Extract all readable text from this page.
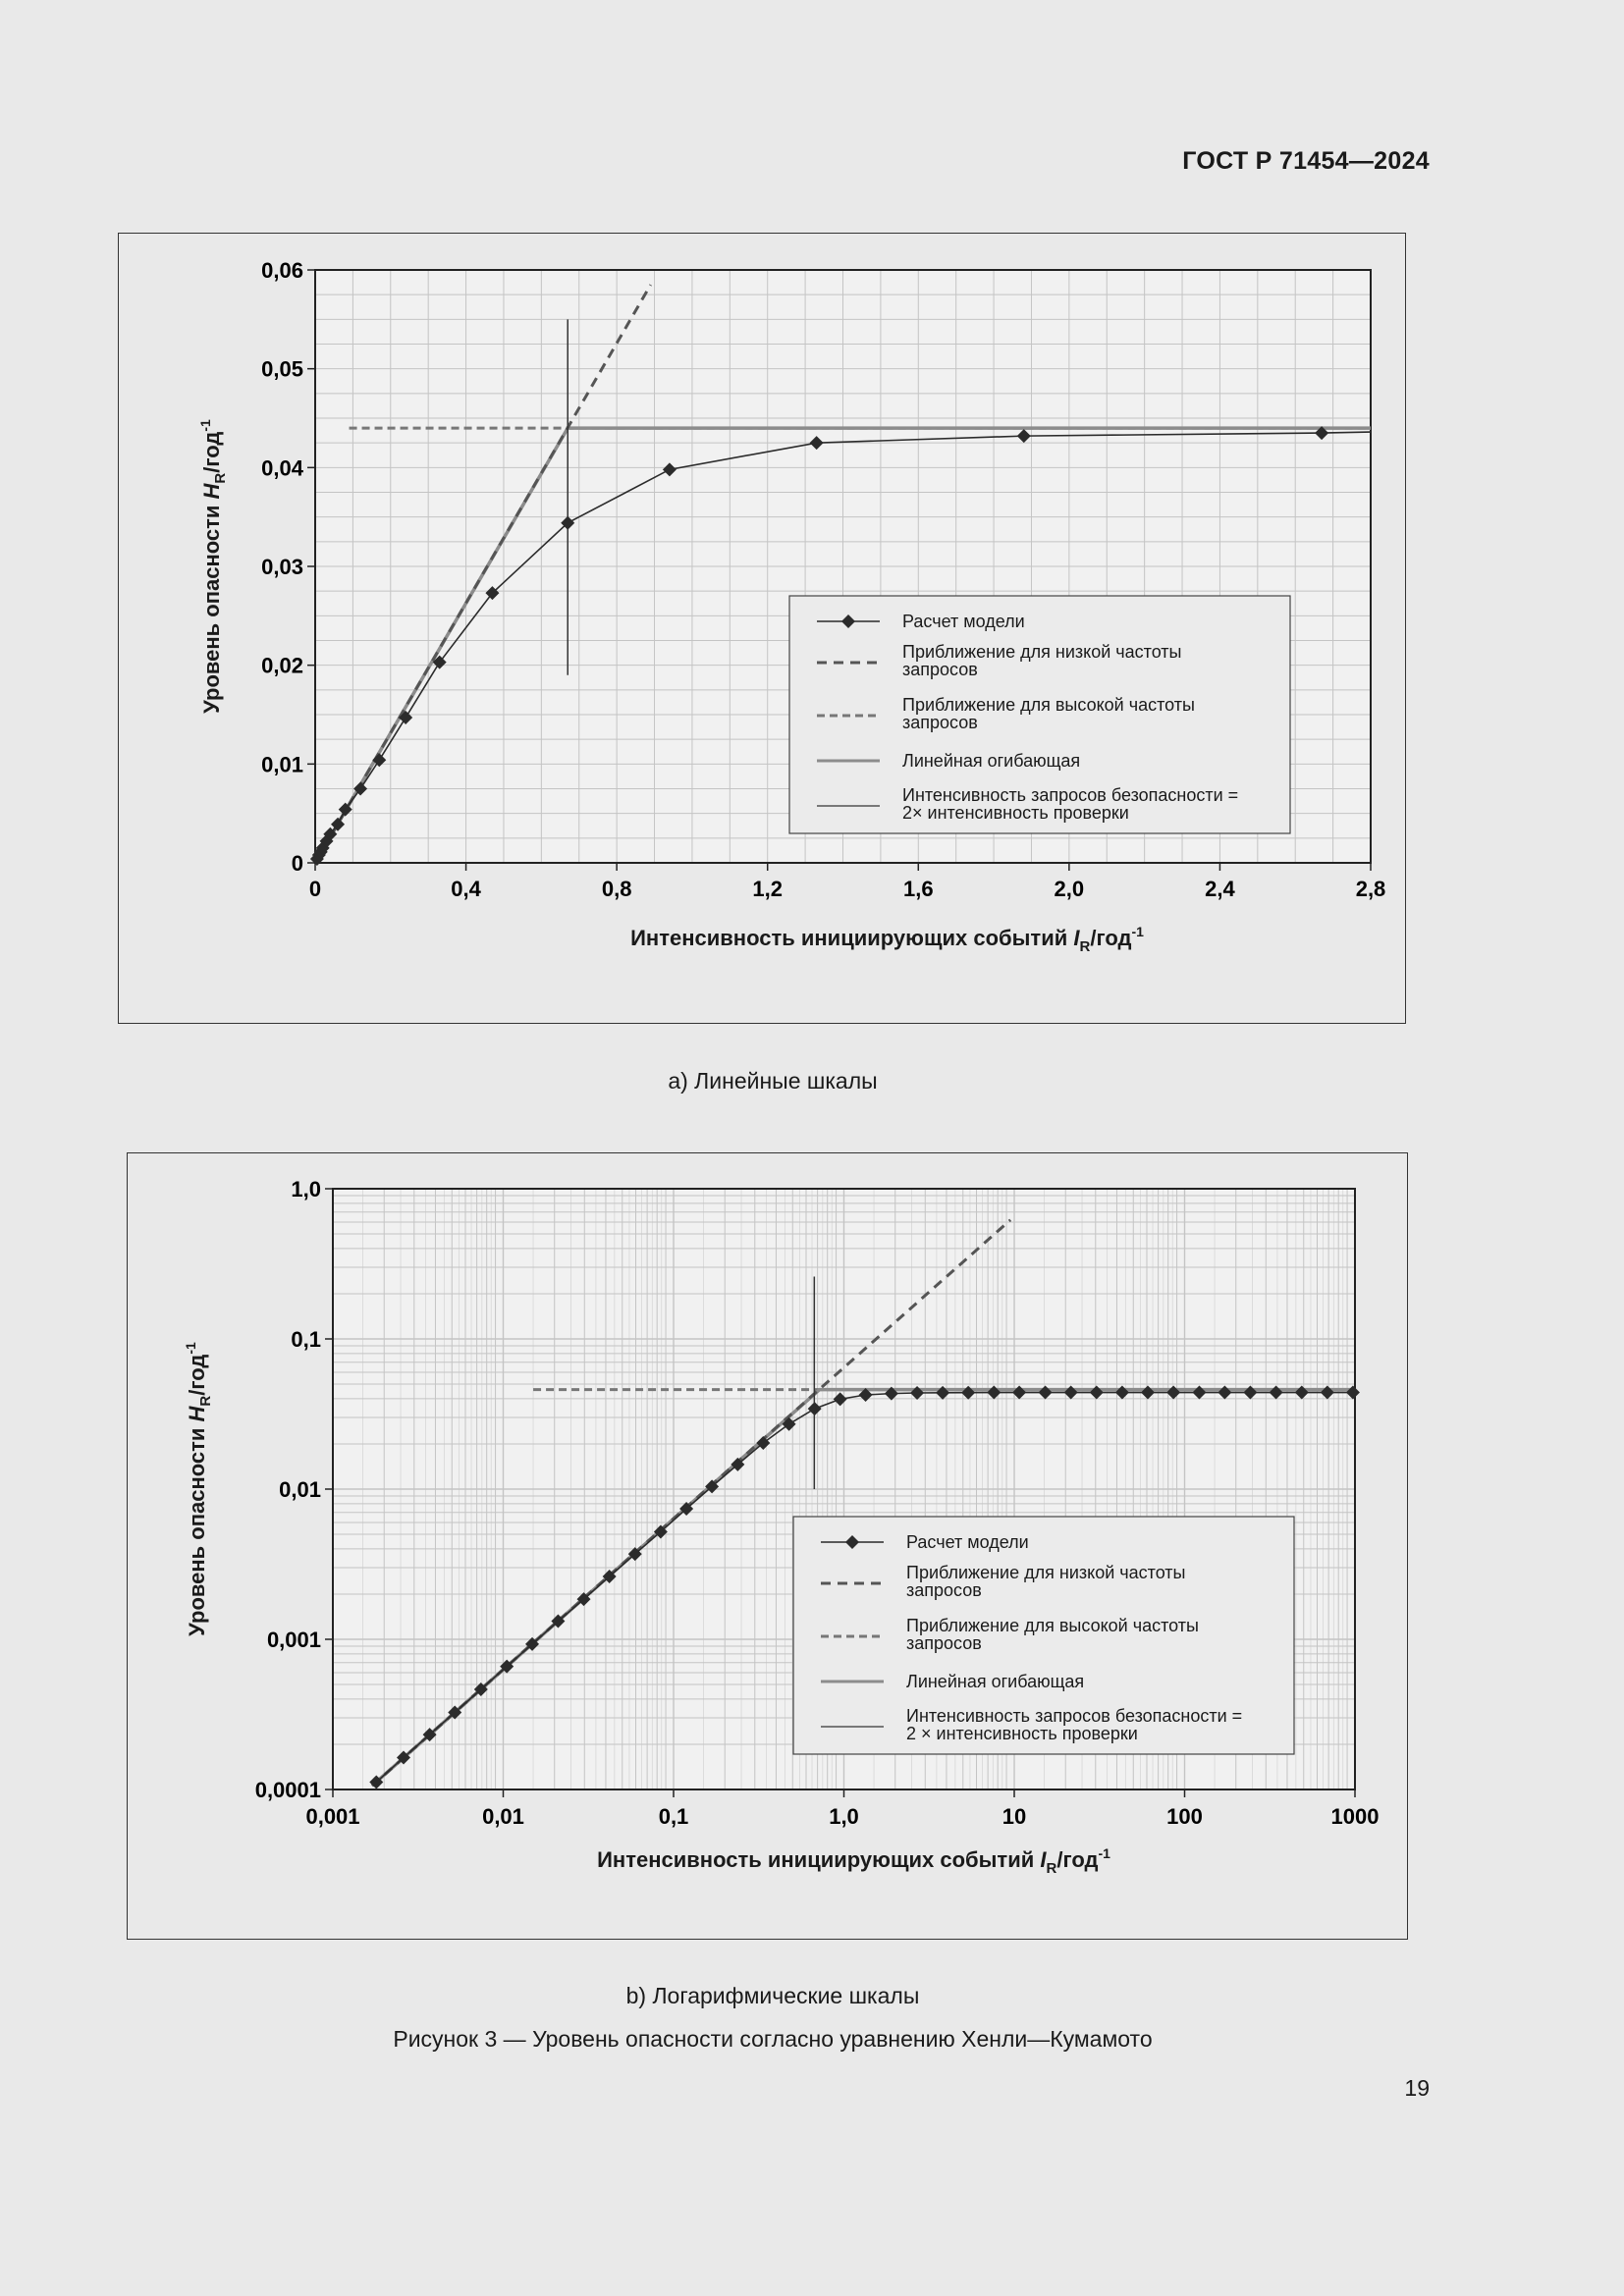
ГОСТ Р 71454—2024
0	0,4	0,8	1,2	1,6	2,0	2,4	2,8
0
0,01
0,02
0,03
0,04
0,05
0,06
Расчет модели
Приближение для низкой частоты
запросов
Приближение для высокой частоты
запросов
Линейная огибающая
Интенсивность запросов безопасности =
2× интенсивность проверки
Интенсивность инициирующих событий $I_R/год^{-1}$
Уровень опасности $H_R/год^{-1}$
а) Линейные шкалы
0,001	0,01	0,1	1,0	10	100	1000
0,0001
0,001
0,01
0,1
1,0
Расчет модели
Приближение для низкой частоты
запросов
Приближение для высокой частоты
запросов
Линейная огибающая
Интенсивность запросов безопасности =
2 × интенсивность проверки
Интенсивность инициирующих событий $I_R/год^{-1}$
Уровень опасности $H_R/год^{-1}$
b) Логарифмические шкалы
Рисунок 3 — Уровень опасности согласно уравнению Хенли—Кумамото
19
